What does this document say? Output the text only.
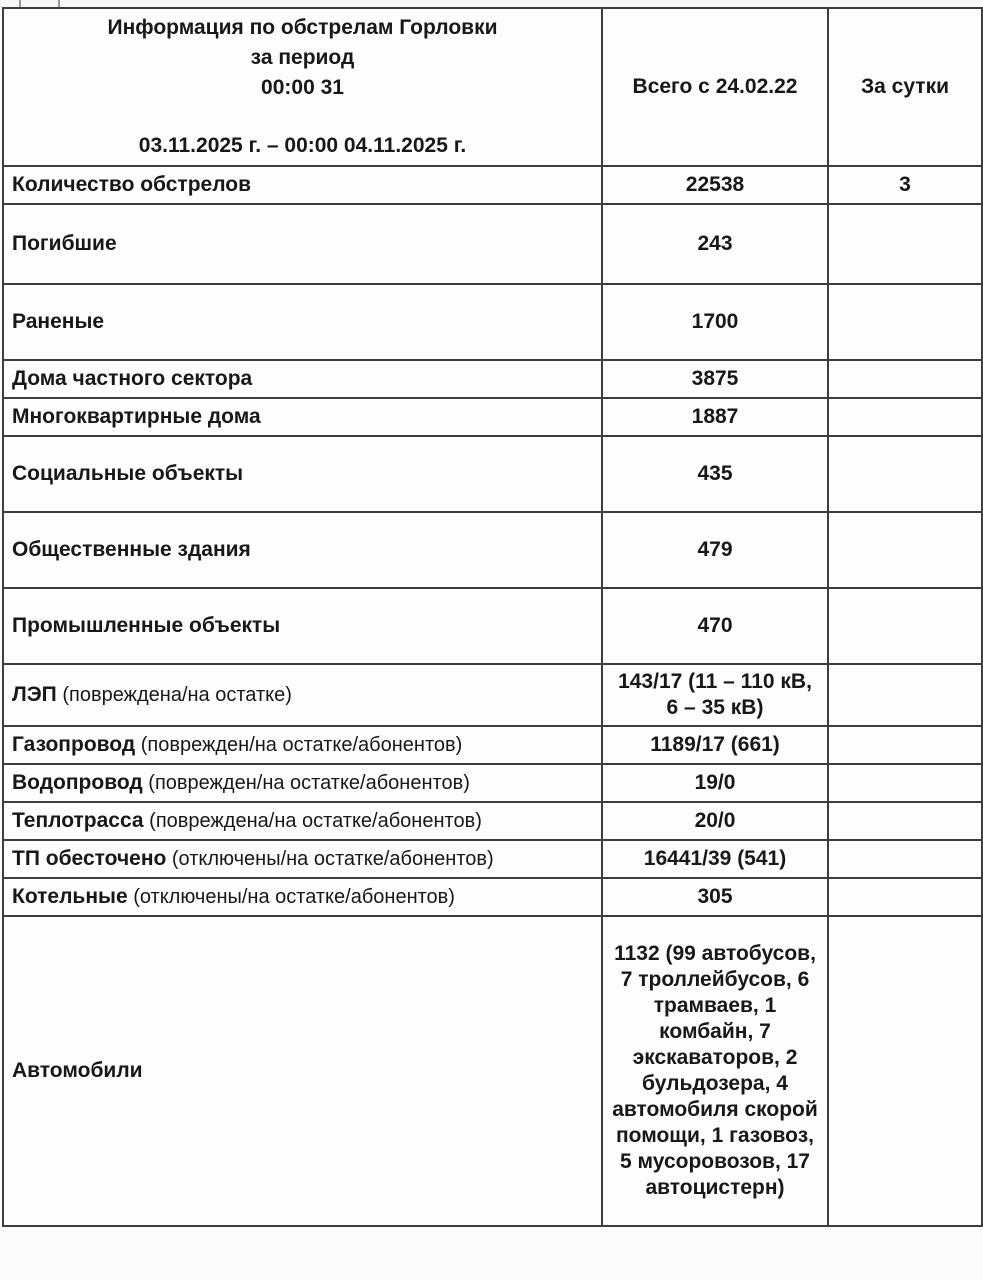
Информация по обстрелам Горловки
за период
00:00 31
03.11.2025 г. – 00:00 04.11.2025 г.	Всего с 24.02.22	За сутки
Количество обстрелов	22538	3
Погибшие	243	
Раненые	1700	
Дома частного сектора	3875	
Многоквартирные дома	1887	
Социальные объекты	435	
Общественные здания	479	
Промышленные объекты	470	
ЛЭП (повреждена/на остатке)	143/17 (11 – 110 кВ, 6 – 35 кВ)	
Газопровод (поврежден/на остатке/абонентов)	1189/17 (661)	
Водопровод (поврежден/на остатке/абонентов)	19/0	
Теплотрасса (повреждена/на остатке/абонентов)	20/0	
ТП обесточено (отключены/на остатке/абонентов)	16441/39 (541)	
Котельные (отключены/на остатке/абонентов)	305	
Автомобили	1132 (99 автобусов, 7 троллейбусов, 6 трамваев, 1 комбайн, 7 экскаваторов, 2 бульдозера, 4 автомобиля скорой помощи, 1 газовоз, 5 мусоровозов, 17 автоцистерн)	
